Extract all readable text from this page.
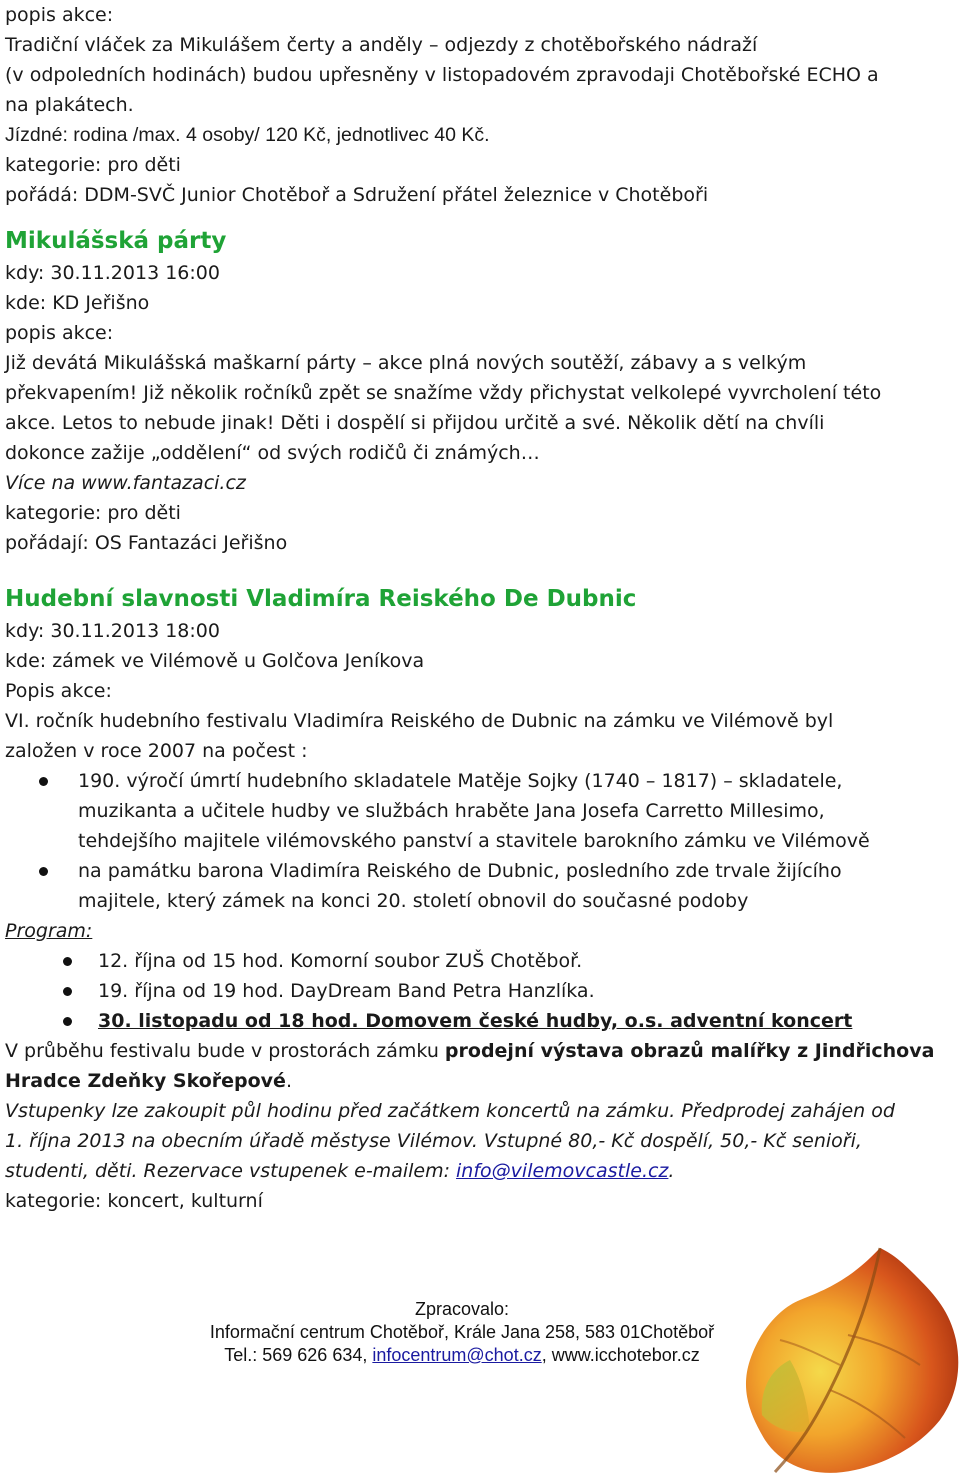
popis akce:
Tradiční vláček za Mikulášem čerty a anděly – odjezdy z chotěbořského nádraží
(v odpoledních hodinách) budou upřesněny v listopadovém zpravodaji Chotěbořské ECHO a
na plakátech.
Jízdné: rodina /max. 4 osoby/ 120 Kč, jednotlivec 40 Kč.
kategorie: pro děti
pořádá: DDM-SVČ Junior Chotěboř a Sdružení přátel železnice v Chotěboři
Mikulášská párty
kdy: 30.11.2013 16:00
kde: KD Jeřišno
popis akce:
Již devátá Mikulášská maškarní párty – akce plná nových soutěží, zábavy a s velkým
překvapením! Již několik ročníků zpět se snažíme vždy přichystat velkolepé vyvrcholení této
akce. Letos to nebude jinak! Děti i dospělí si přijdou určitě a své. Několik dětí na chvíli
dokonce zažije „oddělení“ od svých rodičů či známých…
Více na www.fantazaci.cz
kategorie: pro děti
pořádají: OS Fantazáci Jeřišno
Hudební slavnosti Vladimíra Reiského De Dubnic
kdy: 30.11.2013 18:00
kde: zámek ve Vilémově u Golčova Jeníkova
Popis akce:
VI. ročník hudebního festivalu Vladimíra Reiského de Dubnic na zámku ve Vilémově byl
založen v roce 2007 na počest :
190. výročí úmrtí hudebního skladatele Matěje Sojky (1740 – 1817) – skladatele,
muzikanta a učitele hudby ve službách hraběte Jana Josefa Carretto Millesimo,
tehdejšího majitele vilémovského panství a stavitele barokního zámku ve Vilémově
na památku barona Vladimíra Reiského de Dubnic, posledního zde trvale žijícího
majitele, který zámek na konci 20. století obnovil do současné podoby
Program:
12. října od 15 hod. Komorní soubor ZUŠ Chotěboř.
19. října od 19 hod. DayDream Band Petra Hanzlíka.
30. listopadu od 18 hod. Domovem české hudby, o.s. adventní koncert
V průběhu festivalu bude v prostorách zámku prodejní výstava obrazů malířky z Jindřichova
Hradce Zdeňky Skořepové.
Vstupenky lze zakoupit půl hodinu před začátkem koncertů na zámku. Předprodej zahájen od
1. října 2013 na obecním úřadě městyse Vilémov. Vstupné 80,- Kč dospělí, 50,- Kč senioři,
studenti, děti. Rezervace vstupenek e-mailem: info@vilemovcastle.cz.
kategorie: koncert, kulturní
Zpracovalo:
Informační centrum Chotěboř, Krále Jana 258, 583 01Chotěboř
Tel.: 569 626 634, infocentrum@chot.cz, www.icchotebor.cz
